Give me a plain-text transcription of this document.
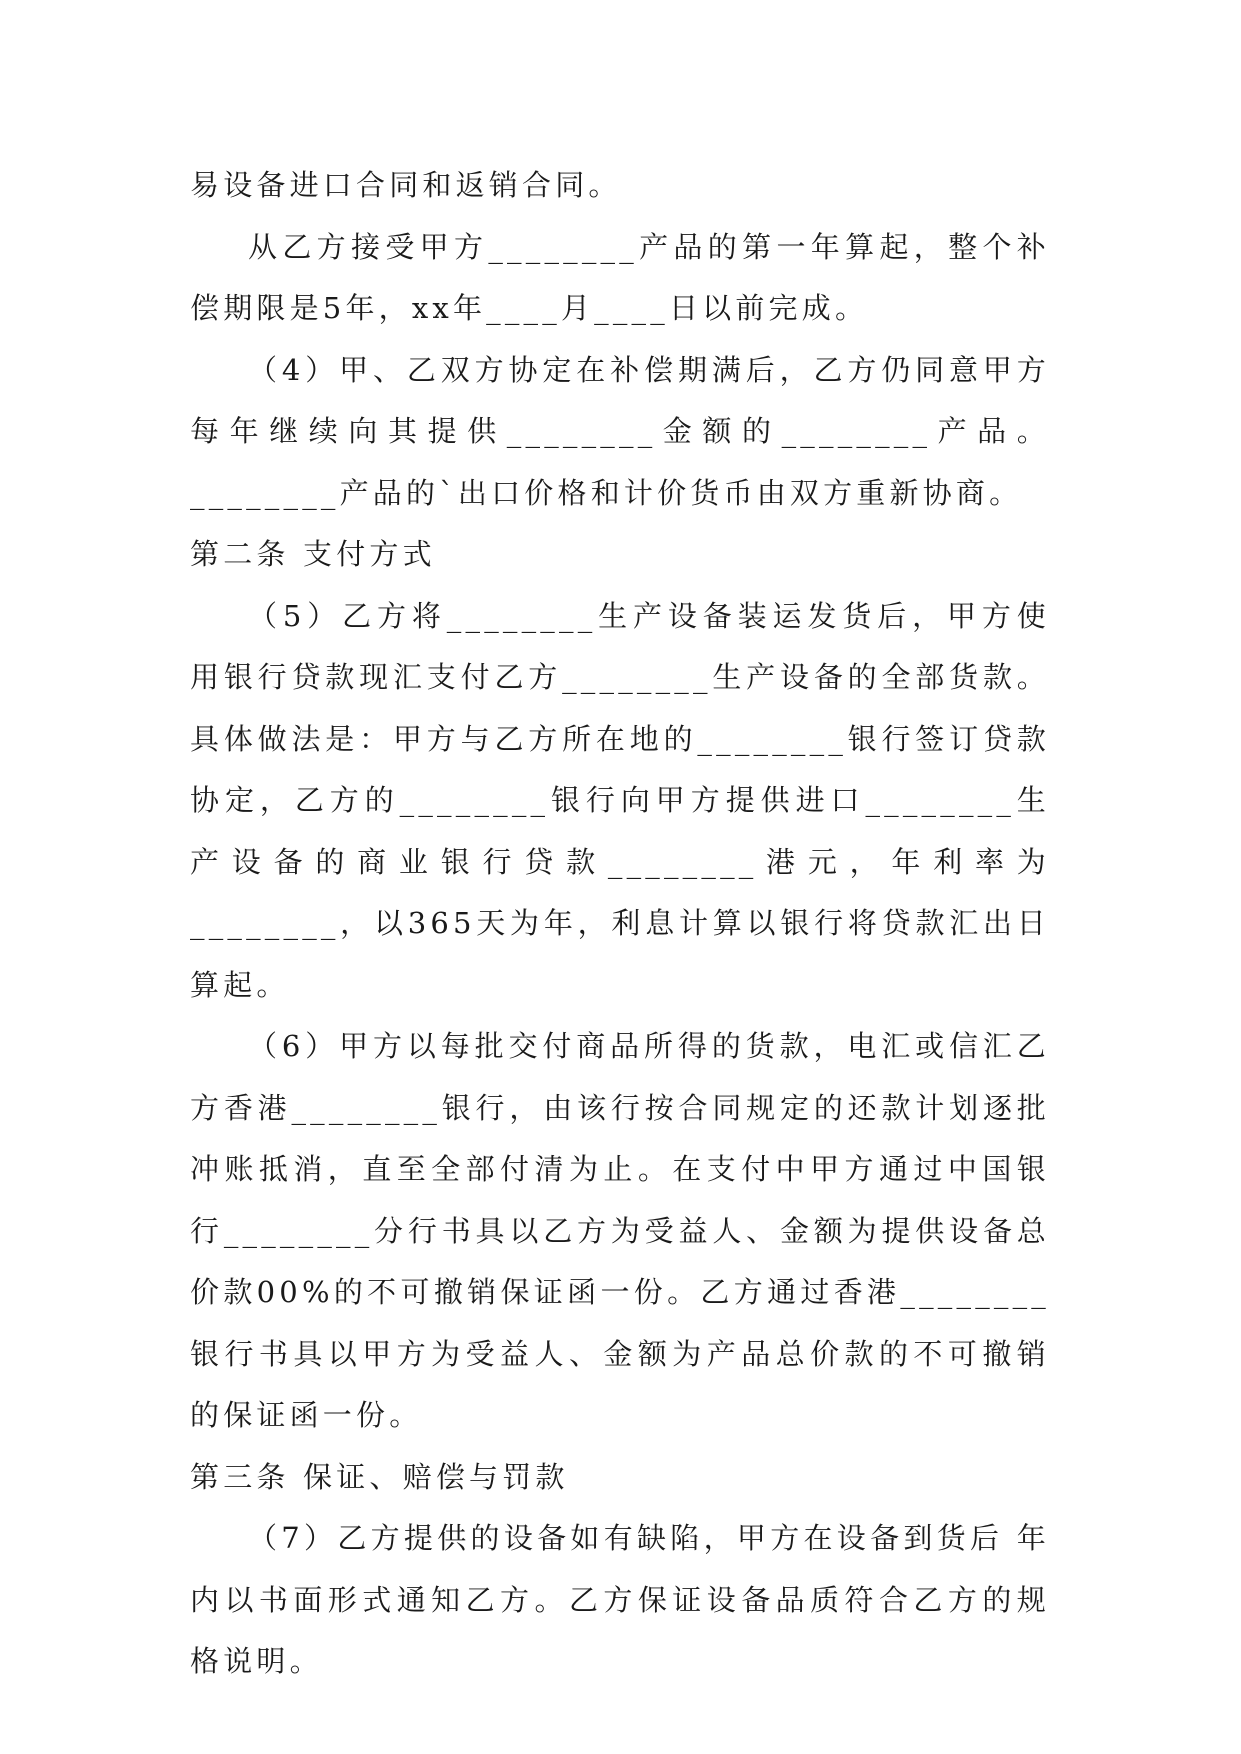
易设备进口合同和返销合同。

从乙方接受甲方________产品的第一年算起，整个补偿期限是5年，xx年____月____日以前完成。

（4）甲、乙双方协定在补偿期满后，乙方仍同意甲方每年继续向其提供________金额的________产品。________产品的`出口价格和计价货币由双方重新协商。

第二条 支付方式

（5）乙方将________生产设备装运发货后，甲方使用银行贷款现汇支付乙方________生产设备的全部货款。具体做法是：甲方与乙方所在地的________银行签订贷款协定，乙方的________银行向甲方提供进口________生产设备的商业银行贷款________港元，年利率为________，以365天为年，利息计算以银行将贷款汇出日算起。

（6）甲方以每批交付商品所得的货款，电汇或信汇乙方香港________银行，由该行按合同规定的还款计划逐批冲账抵消，直至全部付清为止。在支付中甲方通过中国银行________分行书具以乙方为受益人、金额为提供设备总价款00%的不可撤销保证函一份。乙方通过香港________银行书具以甲方为受益人、金额为产品总价款的不可撤销的保证函一份。

第三条 保证、赔偿与罚款

（7）乙方提供的设备如有缺陷，甲方在设备到货后 年内以书面形式通知乙方。乙方保证设备品质符合乙方的规格说明。
